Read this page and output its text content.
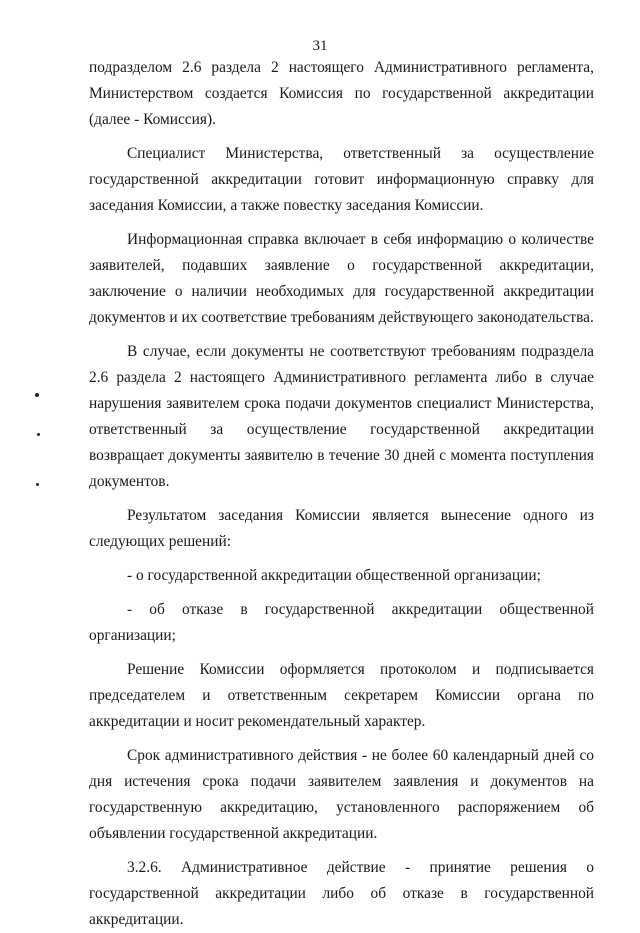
31

подразделом 2.6 раздела 2 настоящего Административного регламента, Министерством создается Комиссия по государственной аккредитации (далее - Комиссия).

Специалист Министерства, ответственный за осуществление государственной аккредитации готовит информационную справку для заседания Комиссии, а также повестку заседания Комиссии.

Информационная справка включает в себя информацию о количестве заявителей, подавших заявление о государственной аккредитации, заключение о наличии необходимых для государственной аккредитации документов и их соответствие требованиям действующего законодательства.

В случае, если документы не соответствуют требованиям подраздела 2.6 раздела 2 настоящего Административного регламента либо в случае нарушения заявителем срока подачи документов специалист Министерства, ответственный за осуществление государственной аккредитации возвращает документы заявителю в течение 30 дней с момента поступления документов.

Результатом заседания Комиссии является вынесение одного из следующих решений:

- о государственной аккредитации общественной организации;

- об отказе в государственной аккредитации общественной организации;

Решение Комиссии оформляется протоколом и подписывается председателем и ответственным секретарем Комиссии органа по аккредитации и носит рекомендательный характер.

Срок административного действия - не более 60 календарный дней со дня истечения срока подачи заявителем заявления и документов на государственную аккредитацию, установленного распоряжением об объявлении государственной аккредитации.

3.2.6. Административное действие - принятие решения о государственной аккредитации либо об отказе в государственной аккредитации.
